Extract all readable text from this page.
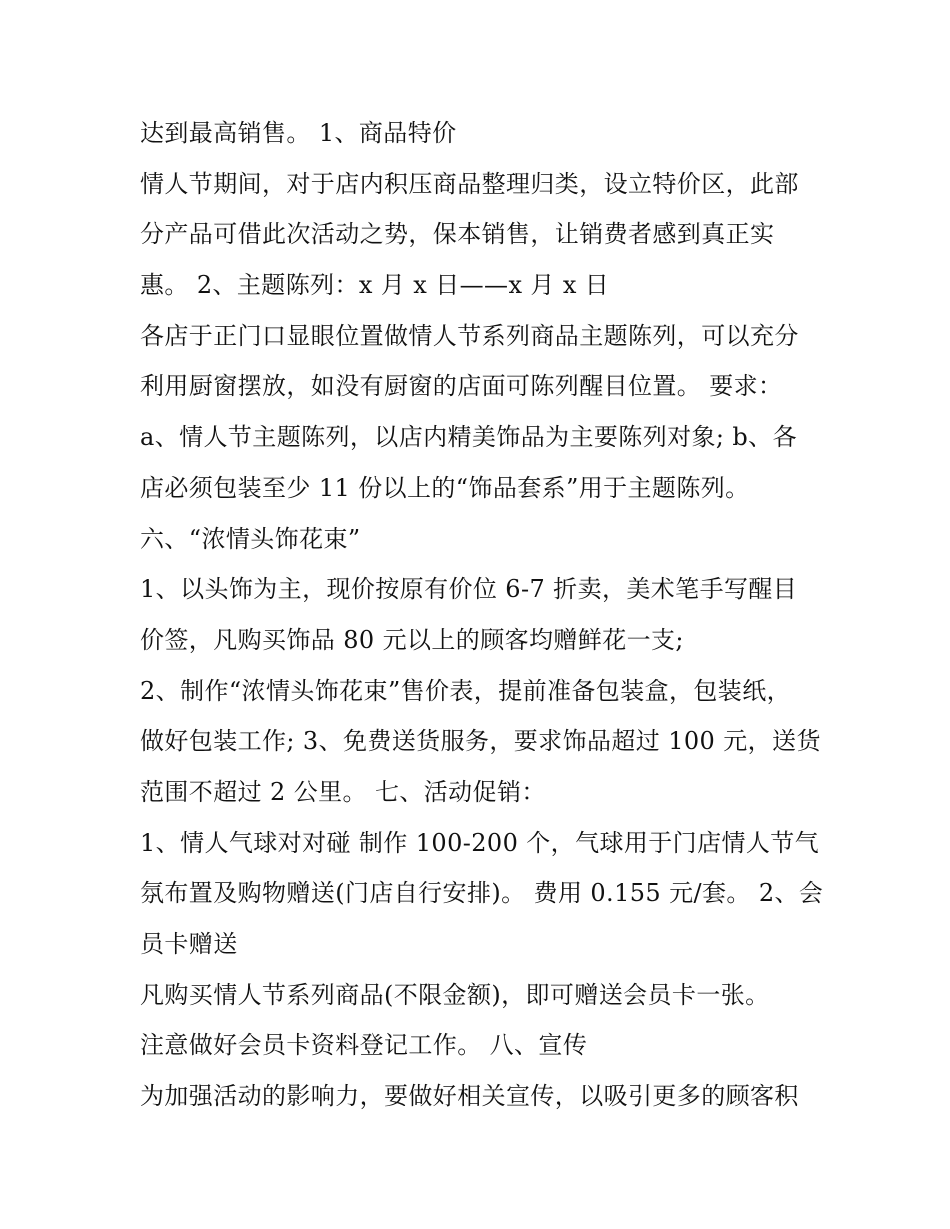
达到最高销售。 1、商品特价
情人节期间，对于店内积压商品整理归类，设立特价区，此部
分产品可借此次活动之势，保本销售，让销费者感到真正实
惠。 2、主题陈列：x 月 x 日——x 月 x 日
各店于正门口显眼位置做情人节系列商品主题陈列，可以充分
利用厨窗摆放，如没有厨窗的店面可陈列醒目位置。 要求：
a、情人节主题陈列，以店内精美饰品为主要陈列对象; b、各
店必须包装至少 11 份以上的“饰品套系”用于主题陈列。
六、“浓情头饰花束”
1、以头饰为主，现价按原有价位 6-7 折卖，美术笔手写醒目
价签，凡购买饰品 80 元以上的顾客均赠鲜花一支;
2、制作“浓情头饰花束”售价表，提前准备包装盒，包装纸，
做好包装工作; 3、免费送货服务，要求饰品超过 100 元，送货
范围不超过 2 公里。 七、活动促销：
1、情人气球对对碰 制作 100-200 个，气球用于门店情人节气
氛布置及购物赠送(门店自行安排)。 费用 0.155 元/套。 2、会
员卡赠送
凡购买情人节系列商品(不限金额)，即可赠送会员卡一张。
注意做好会员卡资料登记工作。 八、宣传
为加强活动的影响力，要做好相关宣传，以吸引更多的顾客积
